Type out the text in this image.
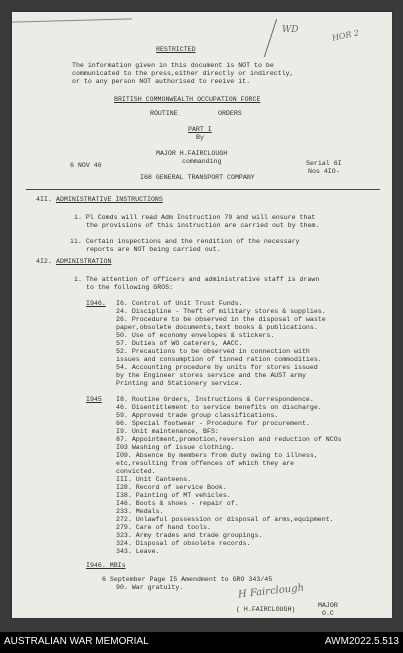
WD	HOR 2
RESTRICTED
The information given in this document is NOT to be
communicated to the press,either directly or indirectly,
or to any person NOT authorised to reeive it.
BRITISH COMMONWEALTH OCCUPATION FORCE
ROUTINE	ORDERS
PART I
By
MAJOR H.FAIRCLOUGH
commanding
6 NOV 46	Serial 6I
Nos 4IO-
I68 GENERAL TRANSPORT COMPANY
4II. ADMINISTRATIVE INSTRUCTIONS
i. Pl Comds will read Adm Instruction 79 and will ensure that
the provisions of this instruction are carried out by them.
ii. Certain inspections and the rendition of the necessary
reports are NOT being carried out.
4I2. ADMINISTRATION
i. The attention of officers and administrative staff is drawn
to the following GROS:
I946. I6. Control of Unit Trust Funds.
24. Discipline - Theft of military stores & supplies.
26. Procedure to be observed in the disposal of waste
paper,obsolete documents,text books & publications.
50. Use of economy envelopes & stickers.
57. Duties of WO caterers, AACC.
52. Precautions to be observed in connection with
issues and consumption of tinned ration commodities.
54. Accounting procedure by units for stores issued
by the Engineer stores service and the AUST army
Printing and Stationery service.
I945 I8. Routine Orders, Instructions & Correspondence.
46. Disentitlement to service benefits on discharge.
59. Approved trade group classifications.
66. Special footwear - Procedure for procurement.
I9. Unit maintenance, BFS:
87. Appointment,promotion,reversion and reduction of NCOs
I03 Washing of issue clothing.
I09. Absence by members from duty owing to illness,
etc,resulting from offences of which they are
convicted.
III. Unit Canteens.
I28. Record of service Book.
I38. Painting of MT vehicles.
I46. Boots & shoes - repair of.
233. Medals.
272. Unlawful possession or disposal of arms,equipment.
279. Care of hand tools.
323. Army trades and trade groupings.
324. Disposal of obsolete records.
343. Leave.
I946. MBIs
6 September Page I5 Amendment to GRO 343/45
90. War gratuity.	H Fairclough
( H.FAIRCLOUGH)
MAJOR
O.C
AUSTRALIAN WAR MEMORIAL	AWM2022.5.513
